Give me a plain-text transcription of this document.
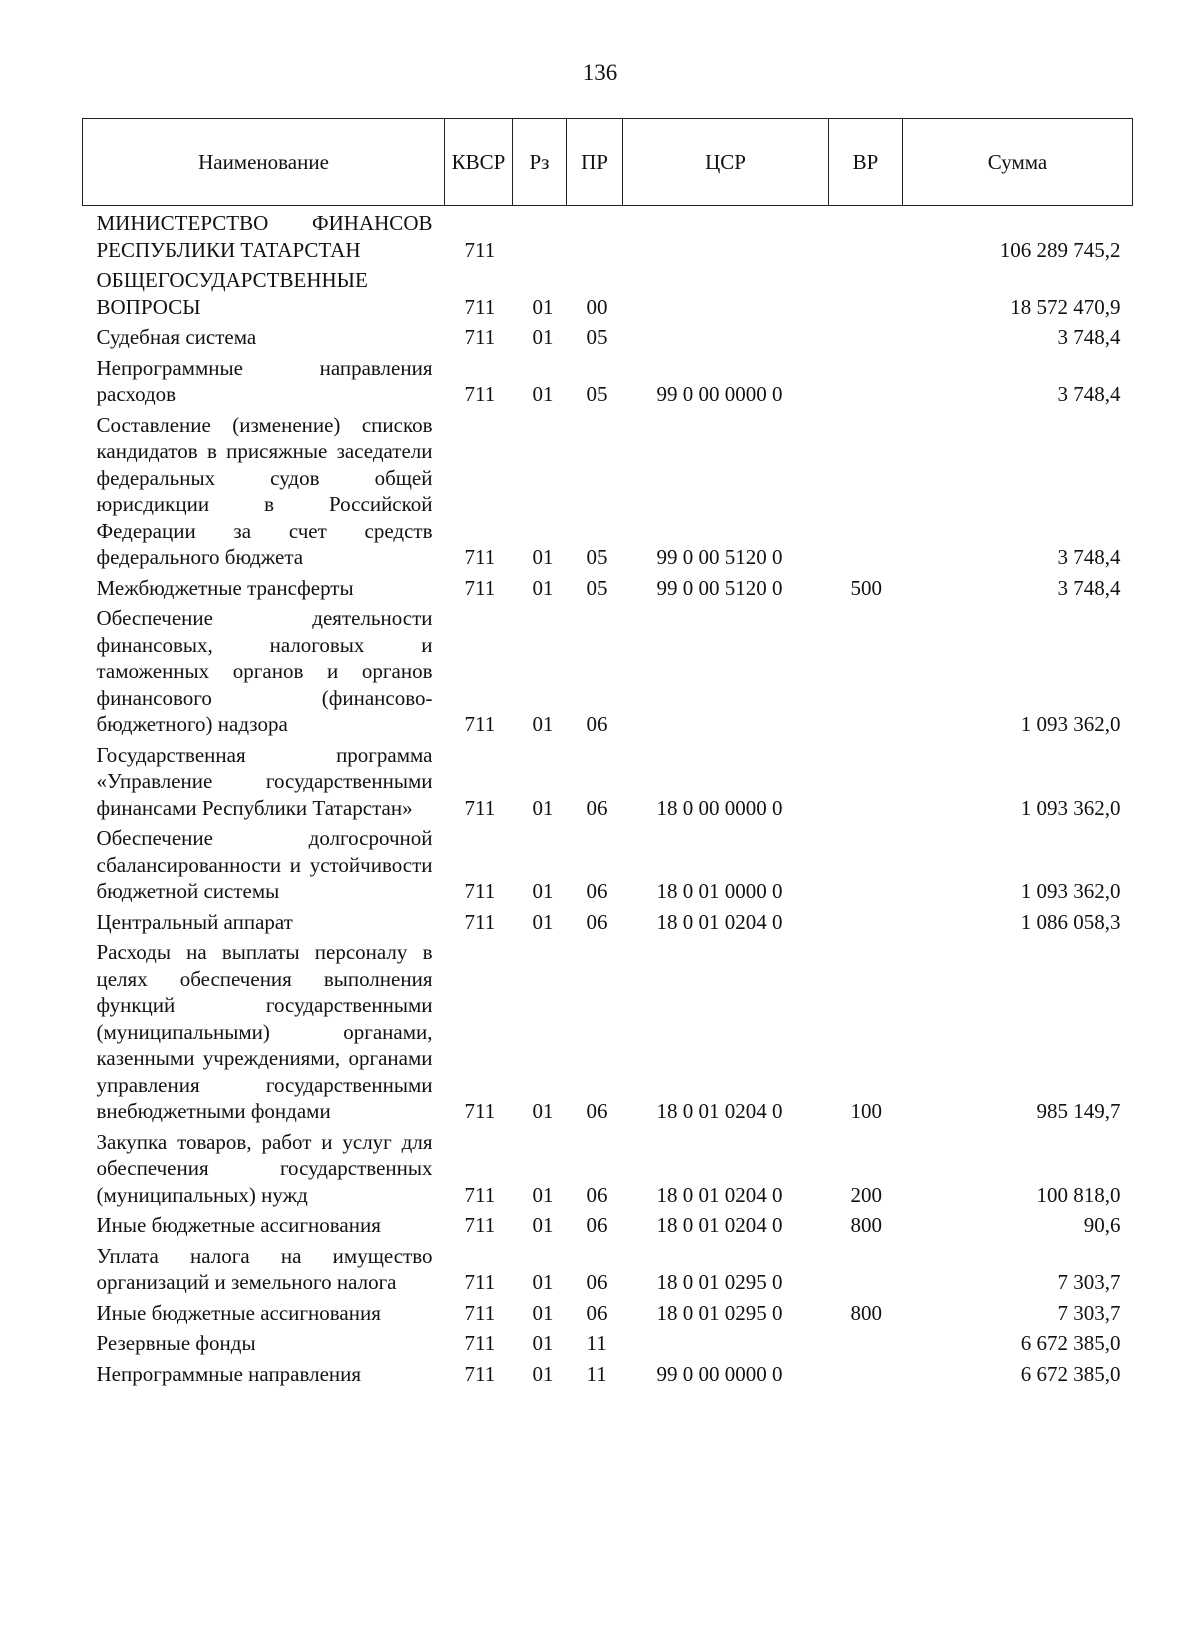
136
Наименование	КВСР	Рз	ПР	ЦСР	ВР	Сумма
МИНИСТЕРСТВО ФИНАНСОВ РЕСПУБЛИКИ ТАТАРСТАН	711					106 289 745,2
ОБЩЕГОСУДАРСТВЕННЫЕ ВОПРОСЫ	711	01	00			18 572 470,9
Судебная система	711	01	05			3 748,4
Непрограммные направления расходов	711	01	05	99 0 00 0000 0		3 748,4
Составление (изменение) списков кандидатов в присяжные заседатели федеральных судов общей юрисдикции в Российской Федерации за счет средств федерального бюджета	711	01	05	99 0 00 5120 0		3 748,4
Межбюджетные трансферты	711	01	05	99 0 00 5120 0	500	3 748,4
Обеспечение деятельности финансовых, налоговых и таможенных органов и органов финансового (финансово-бюджетного) надзора	711	01	06			1 093 362,0
Государственная программа «Управление государственными финансами Республики Татарстан»	711	01	06	18 0 00 0000 0		1 093 362,0
Обеспечение долгосрочной сбалансированности и устойчивости бюджетной системы	711	01	06	18 0 01 0000 0		1 093 362,0
Центральный аппарат	711	01	06	18 0 01 0204 0		1 086 058,3
Расходы на выплаты персоналу в целях обеспечения выполнения функций государственными (муниципальными) органами, казенными учреждениями, органами управления государственными внебюджетными фондами	711	01	06	18 0 01 0204 0	100	985 149,7
Закупка товаров, работ и услуг для обеспечения государственных (муниципальных) нужд	711	01	06	18 0 01 0204 0	200	100 818,0
Иные бюджетные ассигнования	711	01	06	18 0 01 0204 0	800	90,6
Уплата налога на имущество организаций и земельного налога	711	01	06	18 0 01 0295 0		7 303,7
Иные бюджетные ассигнования	711	01	06	18 0 01 0295 0	800	7 303,7
Резервные фонды	711	01	11			6 672 385,0
Непрограммные направления	711	01	11	99 0 00 0000 0		6 672 385,0
